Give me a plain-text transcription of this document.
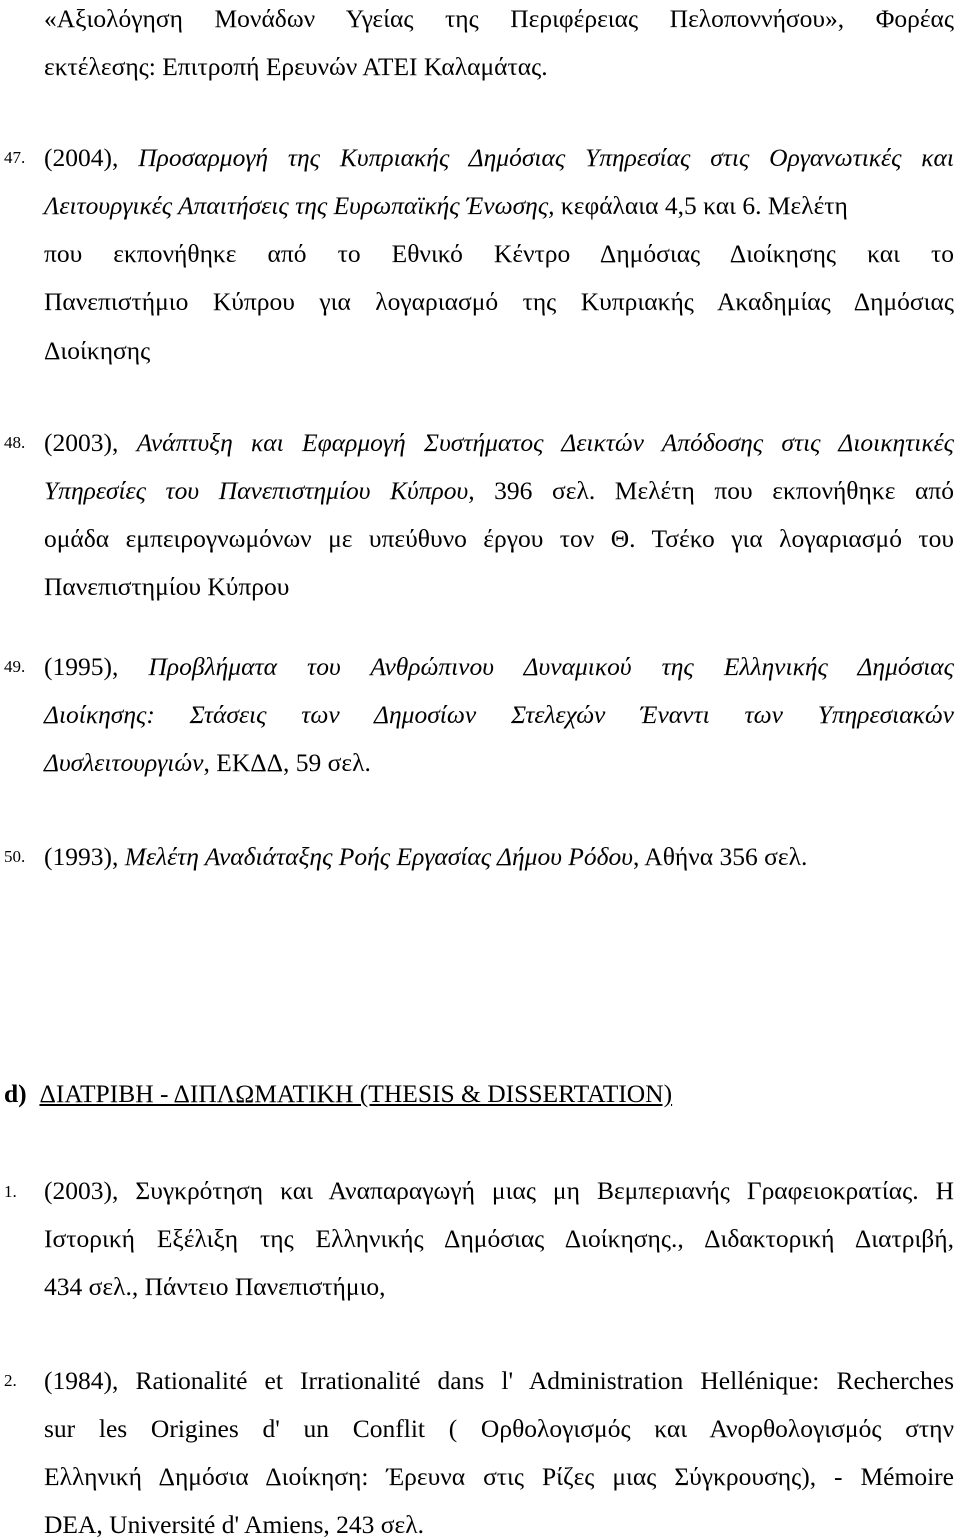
«Αξιολόγηση Μονάδων Υγείας της Περιφέρειας Πελοποννήσου», Φορέας
εκτέλεσης: Επιτροπή Ερευνών ΑΤΕΙ Καλαμάτας.
47. (2004), Προσαρμογή της Κυπριακής Δημόσιας Υπηρεσίας στις Οργανωτικές και
Λειτουργικές Απαιτήσεις της Ευρωπαϊκής Ένωσης, κεφάλαια 4,5 και 6. Μελέτη
που εκπονήθηκε από το Εθνικό Κέντρο Δημόσιας Διοίκησης και το
Πανεπιστήμιο Κύπρου για λογαριασμό της Κυπριακής Ακαδημίας Δημόσιας
Διοίκησης
48. (2003), Ανάπτυξη και Εφαρμογή Συστήματος Δεικτών Απόδοσης στις Διοικητικές
Υπηρεσίες του Πανεπιστημίου Κύπρου, 396 σελ. Μελέτη που εκπονήθηκε από
ομάδα εμπειρογνωμόνων με υπεύθυνο έργου τον Θ. Τσέκο για λογαριασμό του
Πανεπιστημίου Κύπρου
49. (1995), Προβλήματα του Ανθρώπινου Δυναμικού της Ελληνικής Δημόσιας
Διοίκησης: Στάσεις των Δημοσίων Στελεχών Έναντι των Υπηρεσιακών
Δυσλειτουργιών, ΕΚΔΔ, 59 σελ.
50. (1993), Μελέτη Αναδιάταξης Ροής Εργασίας Δήμου Ρόδου, Αθήνα 356 σελ.
d) ΔΙΑΤΡΙΒΗ - ΔΙΠΛΩΜΑΤΙΚΗ (THESIS & DISSERTATION)
1. (2003), Συγκρότηση και Αναπαραγωγή μιας μη Βεμπεριανής Γραφειοκρατίας. Η
Ιστορική Εξέλιξη της Ελληνικής Δημόσιας Διοίκησης., Διδακτορική Διατριβή,
434 σελ., Πάντειο Πανεπιστήμιο,
2. (1984), Rationalité et Irrationalité dans l' Administration Hellénique: Recherches
sur les Origines d' un Conflit ( Ορθολογισμός και Ανορθολογισμός στην
Ελληνική Δημόσια Διοίκηση: Έρευνα στις Ρίζες μιας Σύγκρουσης), - Mémoire
DEA, Université d' Amiens, 243 σελ.
